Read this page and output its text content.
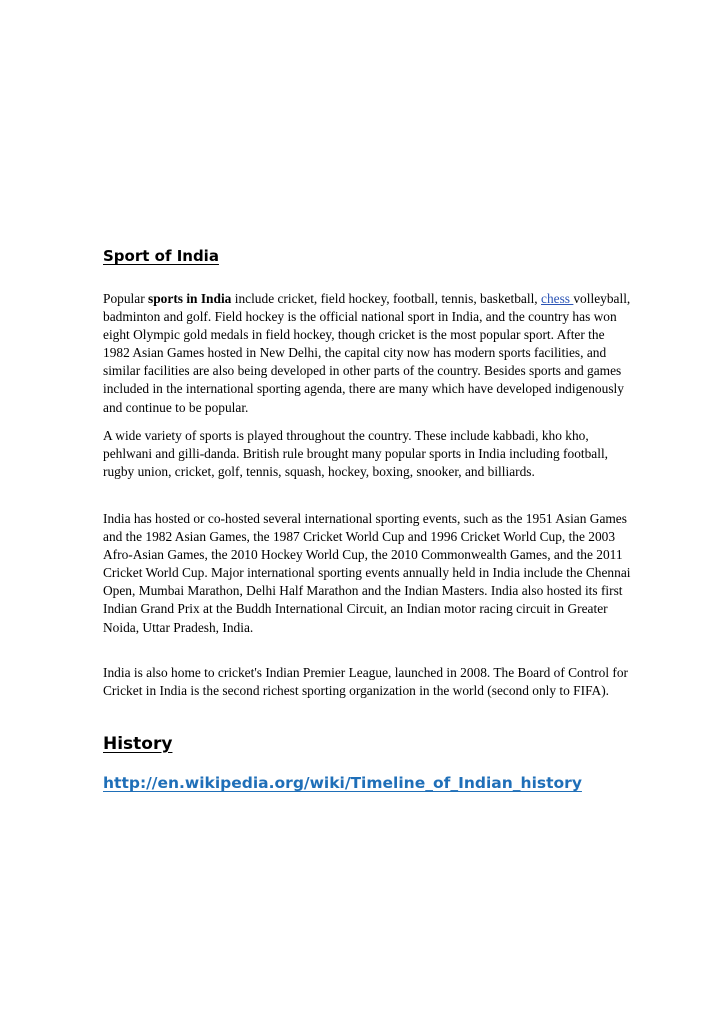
Sport of India

Popular sports in India include cricket, field hockey, football, tennis, basketball, chess volleyball, badminton and golf. Field hockey is the official national sport in India, and the country has won eight Olympic gold medals in field hockey, though cricket is the most popular sport. After the 1982 Asian Games hosted in New Delhi, the capital city now has modern sports facilities, and similar facilities are also being developed in other parts of the country. Besides sports and games included in the international sporting agenda, there are many which have developed indigenously and continue to be popular.

A wide variety of sports is played throughout the country. These include kabbadi, kho kho, pehlwani and gilli-danda. British rule brought many popular sports in India including football, rugby union, cricket, golf, tennis, squash, hockey, boxing, snooker, and billiards.

India has hosted or co-hosted several international sporting events, such as the 1951 Asian Games and the 1982 Asian Games, the 1987 Cricket World Cup and 1996 Cricket World Cup, the 2003 Afro-Asian Games, the 2010 Hockey World Cup, the 2010 Commonwealth Games, and the 2011 Cricket World Cup. Major international sporting events annually held in India include the Chennai Open, Mumbai Marathon, Delhi Half Marathon and the Indian Masters. India also hosted its first Indian Grand Prix at the Buddh International Circuit, an Indian motor racing circuit in Greater Noida, Uttar Pradesh, India.

India is also home to cricket's Indian Premier League, launched in 2008. The Board of Control for Cricket in India is the second richest sporting organization in the world (second only to FIFA).

History
http://en.wikipedia.org/wiki/Timeline_of_Indian_history
